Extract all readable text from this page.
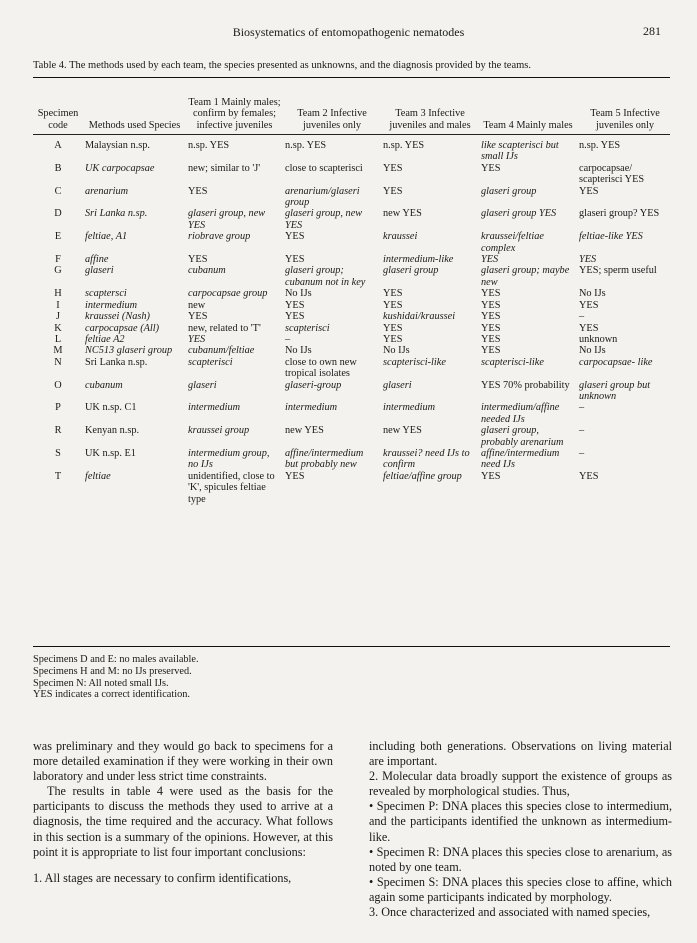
Biosystematics of entomopathogenic nematodes	281
Table 4. The methods used by each team, the species presented as unknowns, and the diagnosis provided by the teams.
Specimen code	Methods used Species	Team 1 Mainly males; confirm by females; infective juveniles	Team 2 Infective juveniles only	Team 3 Infective juveniles and males	Team 4 Mainly males	Team 5 Infective juveniles only
A	Malaysian n.sp.	n.sp. YES	n.sp. YES	n.sp. YES	like scapterisci but small IJs	n.sp. YES
B	UK carpocapsae	new; similar to 'J'	close to scapterisci	YES	YES	carpocapsae/ scapterisci YES
C	arenarium	YES	arenarium/glaseri group	YES	glaseri group	YES
D	Sri Lanka n.sp.	glaseri group, new YES	glaseri group, new YES	new YES	glaseri group YES	glaseri group? YES
E	feltiae, A1	riobrave group	YES	kraussei	kraussei/feltiae complex	feltiae-like YES
F	affine	YES	YES	intermedium-like	YES	YES
G	glaseri	cubanum	glaseri group; cubanum not in key	glaseri group	glaseri group; maybe new	YES; sperm useful
H	scaptersci	carpocapsae group	No IJs	YES	YES	No IJs
I	intermedium	new	YES	YES	YES	YES
J	kraussei (Nash)	YES	YES	kushidai/kraussei	YES	–
K	carpocapsae (All)	new, related to 'T'	scapterisci	YES	YES	YES
L	feltiae A2	YES	–	YES	YES	unknown
M	NC513 glaseri group	cubanum/feltiae	No IJs	No IJs	YES	No IJs
N	Sri Lanka n.sp.	scapterisci	close to own new tropical isolates	scapterisci-like	scapterisci-like	carpocapsae- like
O	cubanum	glaseri	glaseri-group	glaseri	YES 70% probability	glaseri group but unknown
P	UK n.sp. C1	intermedium	intermedium	intermedium	intermedium/affine needed IJs	–
R	Kenyan n.sp.	kraussei group	new YES	new YES	glaseri group, probably arenarium	–
S	UK n.sp. E1	intermedium group, no IJs	affine/intermedium but probably new	kraussei? need IJs to confirm	affine/intermedium need IJs	–
T	feltiae	unidentified, close to 'K', spicules feltiae type	YES	feltiae/affine group	YES	YES
Specimens D and E: no males available.
Specimens H and M: no IJs preserved.
Specimen N: All noted small IJs.
YES indicates a correct identification.

was preliminary and they would go back to specimens for a more detailed examination if they were working in their own laboratory and under less strict time constraints.

The results in table 4 were used as the basis for the participants to discuss the methods they used to arrive at a diagnosis, the time required and the accuracy. What follows in this section is a summary of the opinions. However, at this point it is appropriate to list four important conclusions:

1. All stages are necessary to confirm identifications,

including both generations. Observations on living material are important.

2. Molecular data broadly support the existence of groups as revealed by morphological studies. Thus,

• Specimen P: DNA places this species close to intermedium, and the participants identified the unknown as intermedium-like.

• Specimen R: DNA places this species close to arenarium, as noted by one team.

• Specimen S: DNA places this species close to affine, which again some participants indicated by morphology.

3. Once characterized and associated with named species,
